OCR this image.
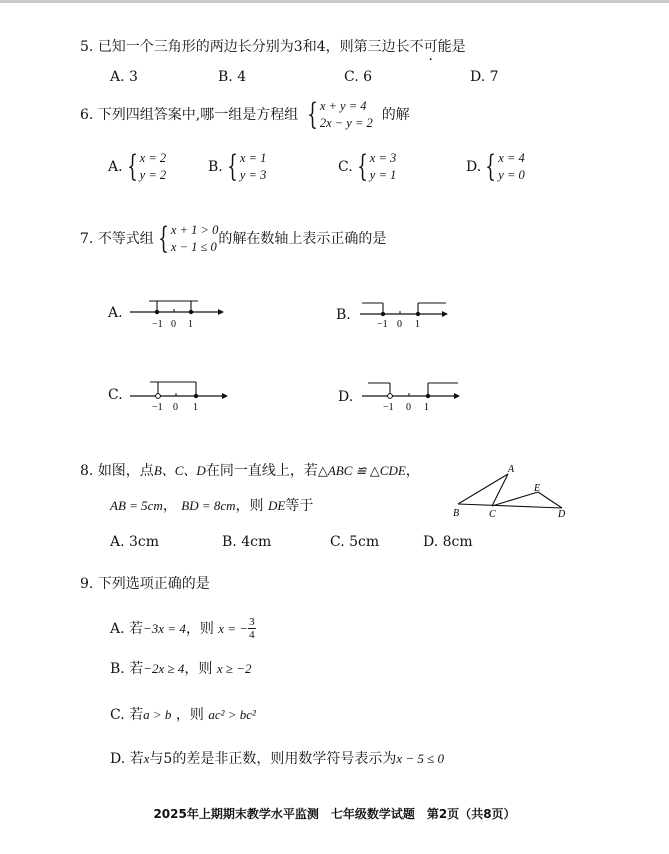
5. 已知一个三角形的两边长分别为3和4，则第三边长不可能是
A. 3	B. 4	C. 6	D. 7
6.
下列四组答案中,哪一组是方程组
{ x + y = 4
2x − y = 2
的解
A. { x = 2
y = 2	B. { x = 1
y = 3	C. { x = 3
y = 1	D. { x = 4
y = 0
7.
不等式组 { x + 1 > 0
x − 1 ≤ 0 的解在数轴上表示正确的是
A.
−1 0 1
B.
−1 0 1
C.
−1 0 1
D.
−1 0 1
8. 如图，点B、C、D在同一直线上，若△ABC ≌ △CDE，
AB = 5cm， BD = 8cm，则 DE等于
A
B	C
E
D
A. 3cm	B. 4cm	C. 5cm	D. 8cm
9. 下列选项正确的是
A.
若 −3x = 4 ，则
x = − $\frac{3}{4}$
B. 若−2x ≥ 4，则 x ≥ −2
C. 若a > b ，则 ac² > bc²
D. 若x与5的差是非正数，则用数学符号表示为x − 5 ≤ 0
2025年上期期末教学水平监测　七年级数学试题　第2页（共8页）
